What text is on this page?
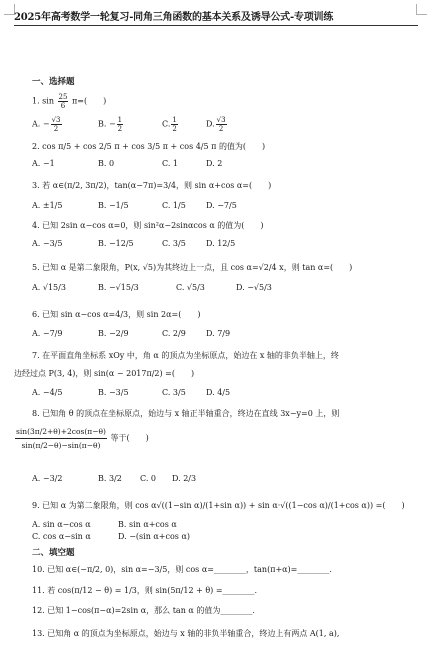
2025年高考数学一轮复习-同角三角函数的基本关系及诱导公式-专项训练
一、选择题
1. $\sin \frac{25}{6} \pi=$(　　)
A. − $\frac{√3}{2}$	B. − $\frac{1}{2}$	C. $\frac{1}{2}$	D. $\frac{√3}{2}$
2. cos π/5 + cos 2/5 π + cos 3/5 π + cos 4/5 π 的值为(　　)
A. −1	B. 0	C. 1	D. 2
3. 若 α∈(π/2, 3π/2)，tan(α−7π)=3/4，则 sin α+cos α=(　　)
A. ±1/5	B. −1/5	C. 1/5	D. −7/5
4. 已知 2sin α−cos α=0，则 sin²α−2sinαcos α 的值为(　　)
A. −3/5	B. −12/5	C. 3/5	D. 12/5
5. 已知 α 是第二象限角，P(x, √5)为其终边上一点，且 cos α=√2/4 x，则 tan α=(　　)
A. √15/3	B. −√15/3	C. √5/3	D. −√5/3
6. 已知 sin α−cos α=4/3，则 sin 2α=(　　)
A. −7/9	B. −2/9	C. 2/9	D. 7/9
7. 在平面直角坐标系 xOy 中，角 α 的顶点为坐标原点，始边在 x 轴的非负半轴上，终
边经过点 P(3, 4)，则 sin(α − 2017π/2) =(　　)
A. −4/5	B. −3/5	C. 3/5	D. 4/5
8. 已知角 θ 的顶点在坐标原点，始边与 x 轴正半轴重合，终边在直线 3x−y=0 上，则
$\frac{\sin(3\pi/2+\theta)+2\cos(\pi-\theta)}{\sin(\pi/2-\theta)-\sin(\pi-\theta)}$ 等于(　　)
A. −3/2	B. 3/2 C. 0 D. 2/3
9. 已知 α 为第二象限角，则 cos α√((1−sin α)/(1+sin α)) + sin α·√((1−cos α)/(1+cos α)) =(　　)
A. sin α−cos α	B. sin α+cos α
C. cos α−sin α	D. −(sin α+cos α)
二、填空题
10. 已知 α∈(−π/2, 0)，sin α=−3/5，则 cos α=________，tan(π+α)=________.
11. 若 cos(π/12 − θ) = 1/3，则 sin(5π/12 + θ) =________.
12. 已知 1−cos(π−α)=2sin α，那么 tan α 的值为________.
13. 已知角 α 的顶点为坐标原点，始边与 x 轴的非负半轴重合，终边上有两点 A(1, a),
